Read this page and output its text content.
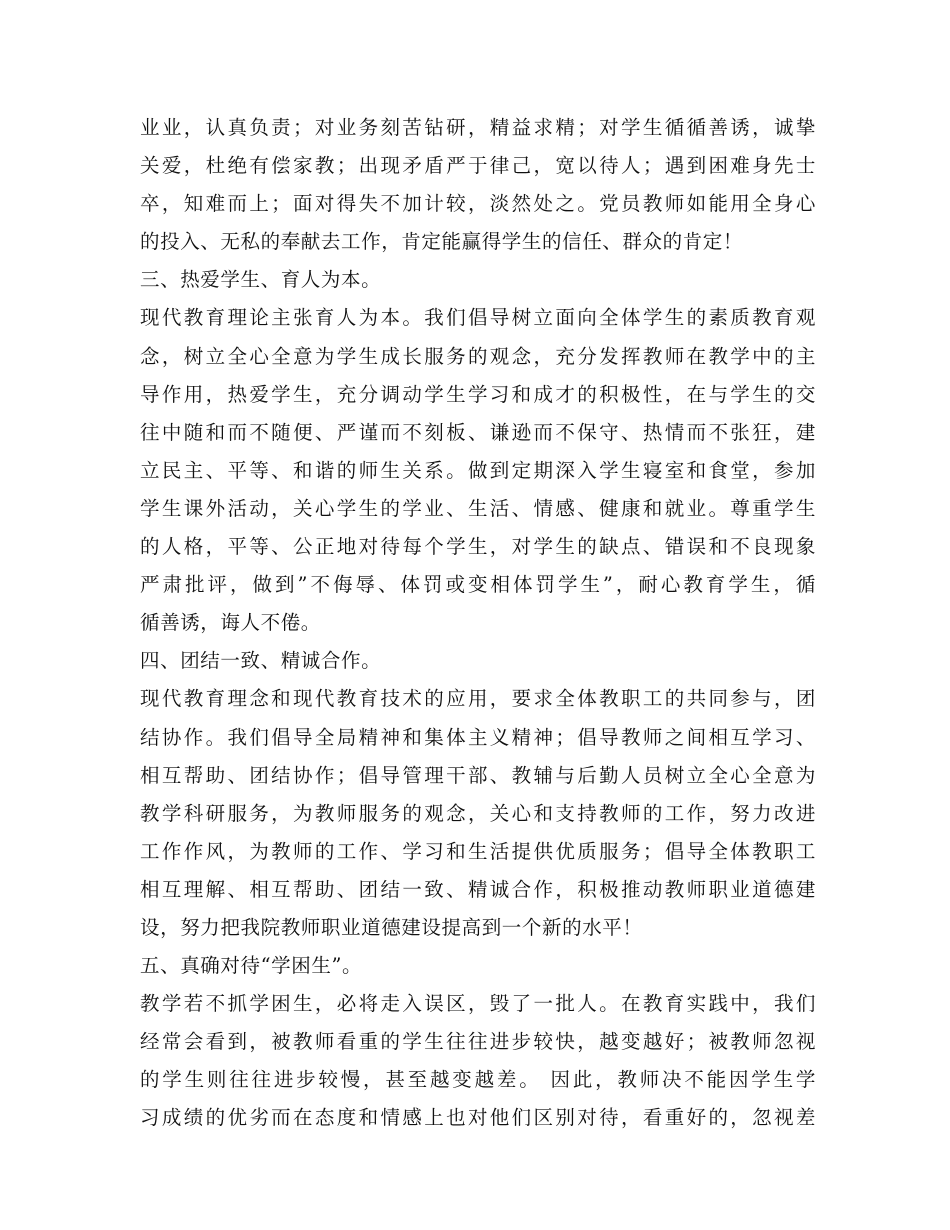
业业，认真负责；对业务刻苦钻研，精益求精；对学生循循善诱，诚挚
关爱，杜绝有偿家教；出现矛盾严于律己，宽以待人；遇到困难身先士
卒，知难而上；面对得失不加计较，淡然处之。党员教师如能用全身心
的投入、无私的奉献去工作，肯定能赢得学生的信任、群众的肯定！
三、热爱学生、育人为本。
现代教育理论主张育人为本。我们倡导树立面向全体学生的素质教育观
念，树立全心全意为学生成长服务的观念，充分发挥教师在教学中的主
导作用，热爱学生，充分调动学生学习和成才的积极性，在与学生的交
往中随和而不随便、严谨而不刻板、谦逊而不保守、热情而不张狂，建
立民主、平等、和谐的师生关系。做到定期深入学生寝室和食堂，参加
学生课外活动，关心学生的学业、生活、情感、健康和就业。尊重学生
的人格，平等、公正地对待每个学生，对学生的缺点、错误和不良现象
严肃批评，做到”不侮辱、体罚或变相体罚学生”，耐心教育学生，循
循善诱，诲人不倦。
四、团结一致、精诚合作。
现代教育理念和现代教育技术的应用，要求全体教职工的共同参与，团
结协作。我们倡导全局精神和集体主义精神；倡导教师之间相互学习、
相互帮助、团结协作；倡导管理干部、教辅与后勤人员树立全心全意为
教学科研服务，为教师服务的观念，关心和支持教师的工作，努力改进
工作作风，为教师的工作、学习和生活提供优质服务；倡导全体教职工
相互理解、相互帮助、团结一致、精诚合作，积极推动教师职业道德建
设，努力把我院教师职业道德建设提高到一个新的水平！
五、真确对待“学困生”。
教学若不抓学困生，必将走入误区，毁了一批人。在教育实践中，我们
经常会看到，被教师看重的学生往往进步较快，越变越好；被教师忽视
的学生则往往进步较慢，甚至越变越差。 因此，教师决不能因学生学
习成绩的优劣而在态度和情感上也对他们区别对待，看重好的，忽视差
